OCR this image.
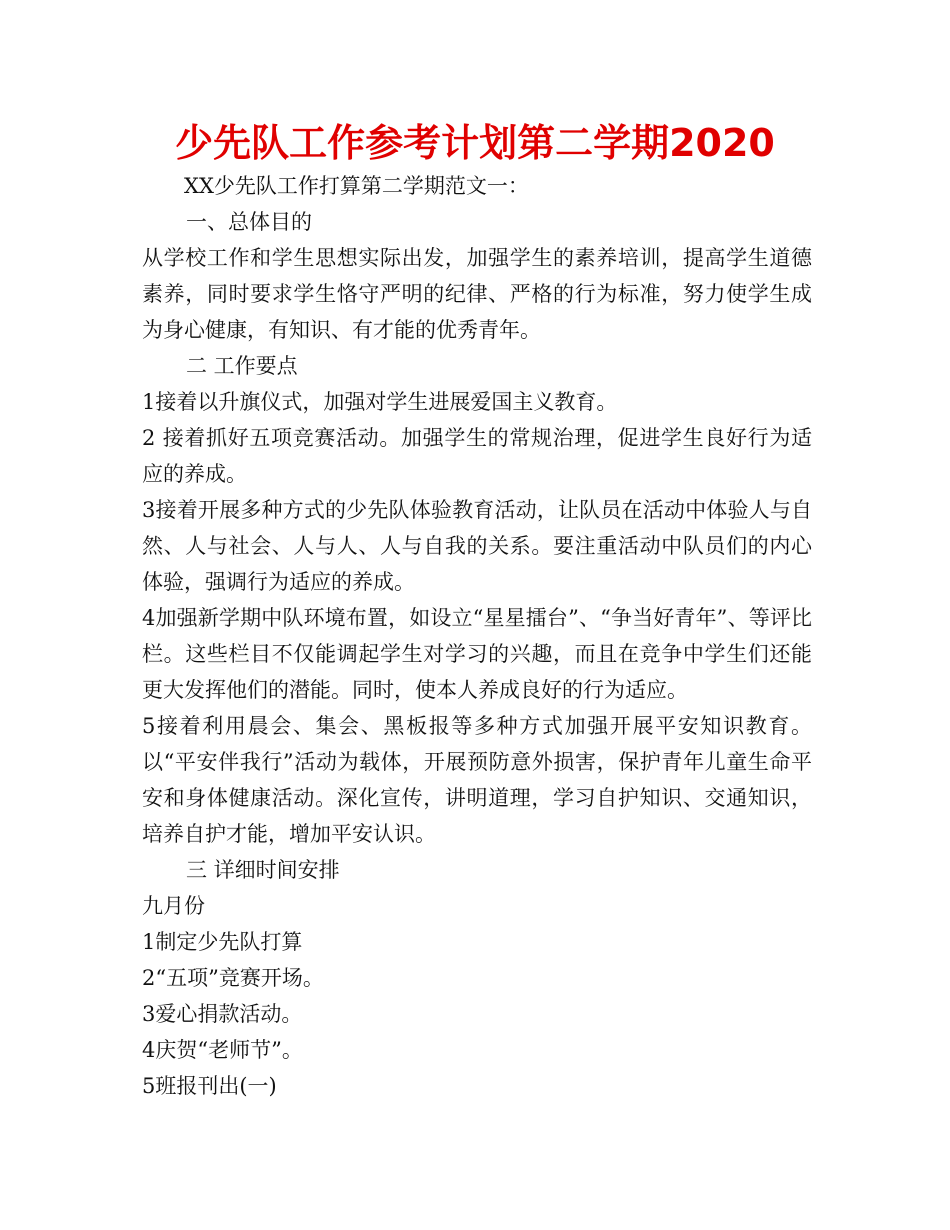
少先队工作参考计划第二学期2020

XX少先队工作打算第二学期范文一：

一、总体目的

从学校工作和学生思想实际出发，加强学生的素养培训，提高学生道德素养，同时要求学生恪守严明的纪律、严格的行为标准，努力使学生成为身心健康，有知识、有才能的优秀青年。

二 工作要点

1接着以升旗仪式，加强对学生进展爱国主义教育。

2 接着抓好五项竞赛活动。加强学生的常规治理，促进学生良好行为适应的养成。

3接着开展多种方式的少先队体验教育活动，让队员在活动中体验人与自然、人与社会、人与人、人与自我的关系。要注重活动中队员们的内心体验，强调行为适应的养成。

4加强新学期中队环境布置，如设立“星星擂台”、“争当好青年”、等评比栏。这些栏目不仅能调起学生对学习的兴趣，而且在竞争中学生们还能更大发挥他们的潜能。同时，使本人养成良好的行为适应。

5接着利用晨会、集会、黑板报等多种方式加强开展平安知识教育。以“平安伴我行”活动为载体，开展预防意外损害，保护青年儿童生命平安和身体健康活动。深化宣传，讲明道理，学习自护知识、交通知识，培养自护才能，增加平安认识。

三 详细时间安排

九月份

1制定少先队打算

2“五项”竞赛开场。

3爱心捐款活动。

4庆贺“老师节”。

5班报刊出(一)
